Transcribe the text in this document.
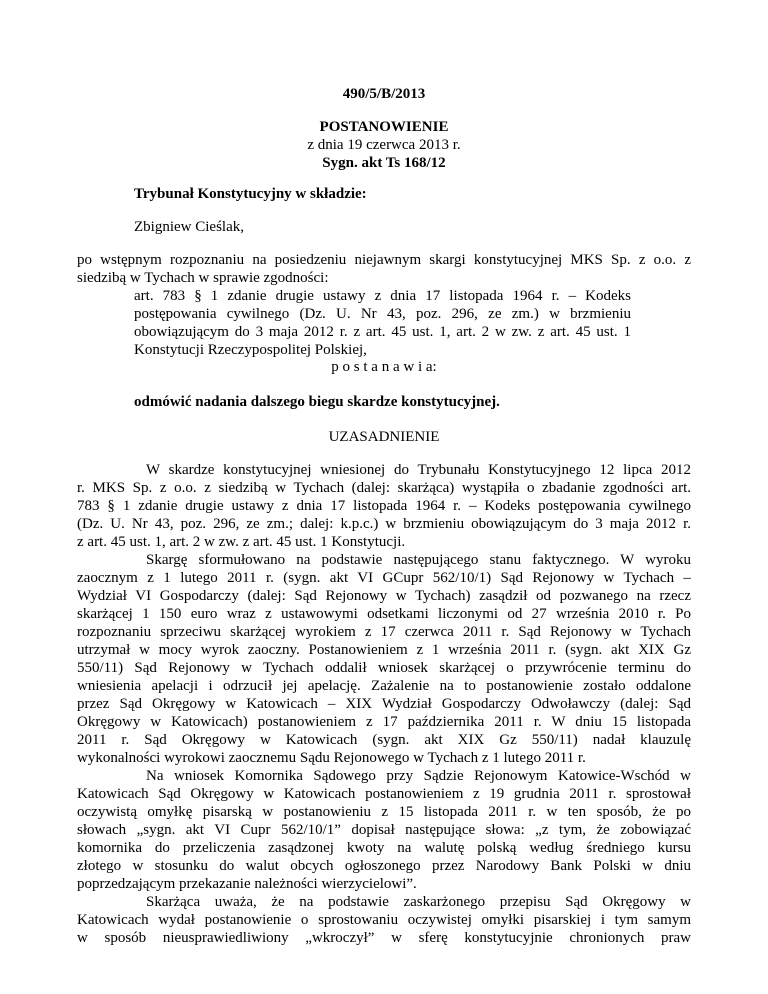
490/5/B/2013
POSTANOWIENIE
z dnia 19 czerwca 2013 r.
Sygn. akt Ts 168/12
Trybunał Konstytucyjny w składzie:
Zbigniew Cieślak,
po wstępnym rozpoznaniu na posiedzeniu niejawnym skargi konstytucyjnej MKS Sp. z o.o. z
siedzibą w Tychach w sprawie zgodności:
art. 783 § 1 zdanie drugie ustawy z dnia 17 listopada 1964 r. – Kodeks
postępowania cywilnego (Dz. U. Nr 43, poz. 296, ze zm.) w brzmieniu
obowiązującym do 3 maja 2012 r. z art. 45 ust. 1, art. 2 w zw. z art. 45 ust. 1
Konstytucji Rzeczypospolitej Polskiej,
p o s t a n a w i a:
odmówić nadania dalszego biegu skardze konstytucyjnej.
UZASADNIENIE
W skardze konstytucyjnej wniesionej do Trybunału Konstytucyjnego 12 lipca 2012
r. MKS Sp. z o.o. z siedzibą w Tychach (dalej: skarżąca) wystąpiła o zbadanie zgodności art.
783 § 1 zdanie drugie ustawy z dnia 17 listopada 1964 r. – Kodeks postępowania cywilnego
(Dz. U. Nr 43, poz. 296, ze zm.; dalej: k.p.c.) w brzmieniu obowiązującym do 3 maja 2012 r.
z art. 45 ust. 1, art. 2 w zw. z art. 45 ust. 1 Konstytucji.
Skargę sformułowano na podstawie następującego stanu faktycznego. W wyroku
zaocznym z 1 lutego 2011 r. (sygn. akt VI GCupr 562/10/1) Sąd Rejonowy w Tychach –
Wydział VI Gospodarczy (dalej: Sąd Rejonowy w Tychach) zasądził od pozwanego na rzecz
skarżącej 1 150 euro wraz z ustawowymi odsetkami liczonymi od 27 września 2010 r. Po
rozpoznaniu sprzeciwu skarżącej wyrokiem z 17 czerwca 2011 r. Sąd Rejonowy w Tychach
utrzymał w mocy wyrok zaoczny. Postanowieniem z 1 września 2011 r. (sygn. akt XIX Gz
550/11) Sąd Rejonowy w Tychach oddalił wniosek skarżącej o przywrócenie terminu do
wniesienia apelacji i odrzucił jej apelację. Zażalenie na to postanowienie zostało oddalone
przez Sąd Okręgowy w Katowicach – XIX Wydział Gospodarczy Odwoławczy (dalej: Sąd
Okręgowy w Katowicach) postanowieniem z 17 października 2011 r. W dniu 15 listopada
2011 r. Sąd Okręgowy w Katowicach (sygn. akt XIX Gz 550/11) nadał klauzulę
wykonalności wyrokowi zaocznemu Sądu Rejonowego w Tychach z 1 lutego 2011 r.
Na wniosek Komornika Sądowego przy Sądzie Rejonowym Katowice-Wschód w
Katowicach Sąd Okręgowy w Katowicach postanowieniem z 19 grudnia 2011 r. sprostował
oczywistą omyłkę pisarską w postanowieniu z 15 listopada 2011 r. w ten sposób, że po
słowach „sygn. akt VI Cupr 562/10/1” dopisał następujące słowa: „z tym, że zobowiązać
komornika do przeliczenia zasądzonej kwoty na walutę polską według średniego kursu
złotego w stosunku do walut obcych ogłoszonego przez Narodowy Bank Polski w dniu
poprzedzającym przekazanie należności wierzycielowi”.
Skarżąca uważa, że na podstawie zaskarżonego przepisu Sąd Okręgowy w
Katowicach wydał postanowienie o sprostowaniu oczywistej omyłki pisarskiej i tym samym
w sposób nieusprawiedliwiony „wkroczył” w sferę konstytucyjnie chronionych praw
